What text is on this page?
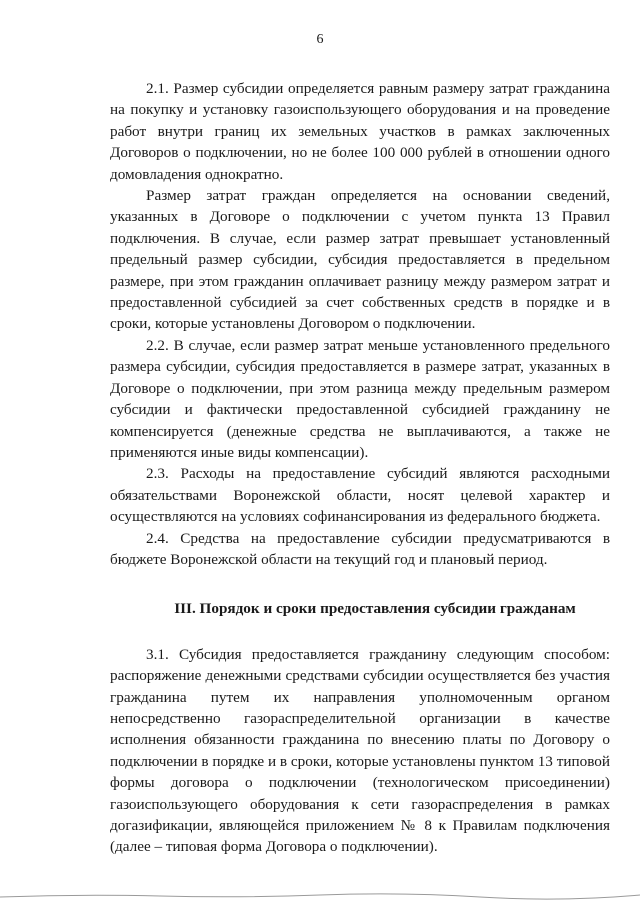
6

2.1. Размер субсидии определяется равным размеру затрат гражданина на покупку и установку газоиспользующего оборудования и на проведение работ внутри границ их земельных участков в рамках заключенных Договоров о подключении, но не более 100 000 рублей в отношении одного домовладения однократно.

Размер затрат граждан определяется на основании сведений, указанных в Договоре о подключении с учетом пункта 13 Правил подключения. В случае, если размер затрат превышает установленный предельный размер субсидии, субсидия предоставляется в предельном размере, при этом гражданин оплачивает разницу между размером затрат и предоставленной субсидией за счет собственных средств в порядке и в сроки, которые установлены Договором о подключении.

2.2. В случае, если размер затрат меньше установленного предельного размера субсидии, субсидия предоставляется в размере затрат, указанных в Договоре о подключении, при этом разница между предельным размером субсидии и фактически предоставленной субсидией гражданину не компенсируется (денежные средства не выплачиваются, а также не применяются иные виды компенсации).

2.3. Расходы на предоставление субсидий являются расходными обязательствами Воронежской области, носят целевой характер и осуществляются на условиях софинансирования из федерального бюджета.

2.4. Средства на предоставление субсидии предусматриваются в бюджете Воронежской области на текущий год и плановый период.

III. Порядок и сроки предоставления субсидии гражданам

3.1. Субсидия предоставляется гражданину следующим способом: распоряжение денежными средствами субсидии осуществляется без участия гражданина путем их направления уполномоченным органом непосредственно газораспределительной организации в качестве исполнения обязанности гражданина по внесению платы по Договору о подключении в порядке и в сроки, которые установлены пунктом 13 типовой формы договора о подключении (технологическом присоединении) газоиспользующего оборудования к сети газораспределения в рамках догазификации, являющейся приложением № 8 к Правилам подключения (далее – типовая форма Договора о подключении).
